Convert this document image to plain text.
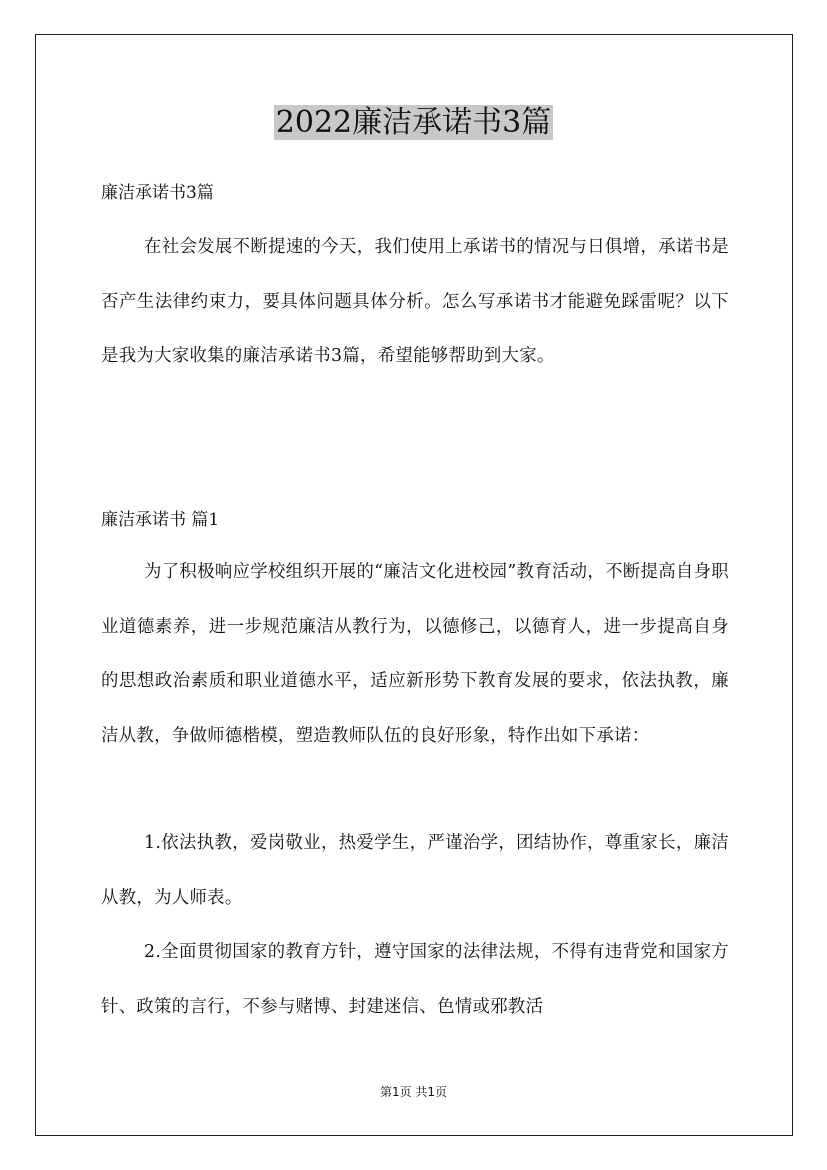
2022廉洁承诺书3篇
廉洁承诺书3篇

在社会发展不断提速的今天，我们使用上承诺书的情况与日俱增，承诺书是否产生法律约束力，要具体问题具体分析。怎么写承诺书才能避免踩雷呢？以下是我为大家收集的廉洁承诺书3篇，希望能够帮助到大家。

廉洁承诺书 篇1

为了积极响应学校组织开展的“廉洁文化进校园”教育活动，不断提高自身职业道德素养，进一步规范廉洁从教行为，以德修己，以德育人，进一步提高自身的思想政治素质和职业道德水平，适应新形势下教育发展的要求，依法执教，廉洁从教，争做师德楷模，塑造教师队伍的良好形象，特作出如下承诺：

1.依法执教，爱岗敬业，热爱学生，严谨治学，团结协作，尊重家长，廉洁从教，为人师表。

2.全面贯彻国家的教育方针，遵守国家的法律法规，不得有违背党和国家方针、政策的言行，不参与赌博、封建迷信、色情或邪教活

第1页 共1页
